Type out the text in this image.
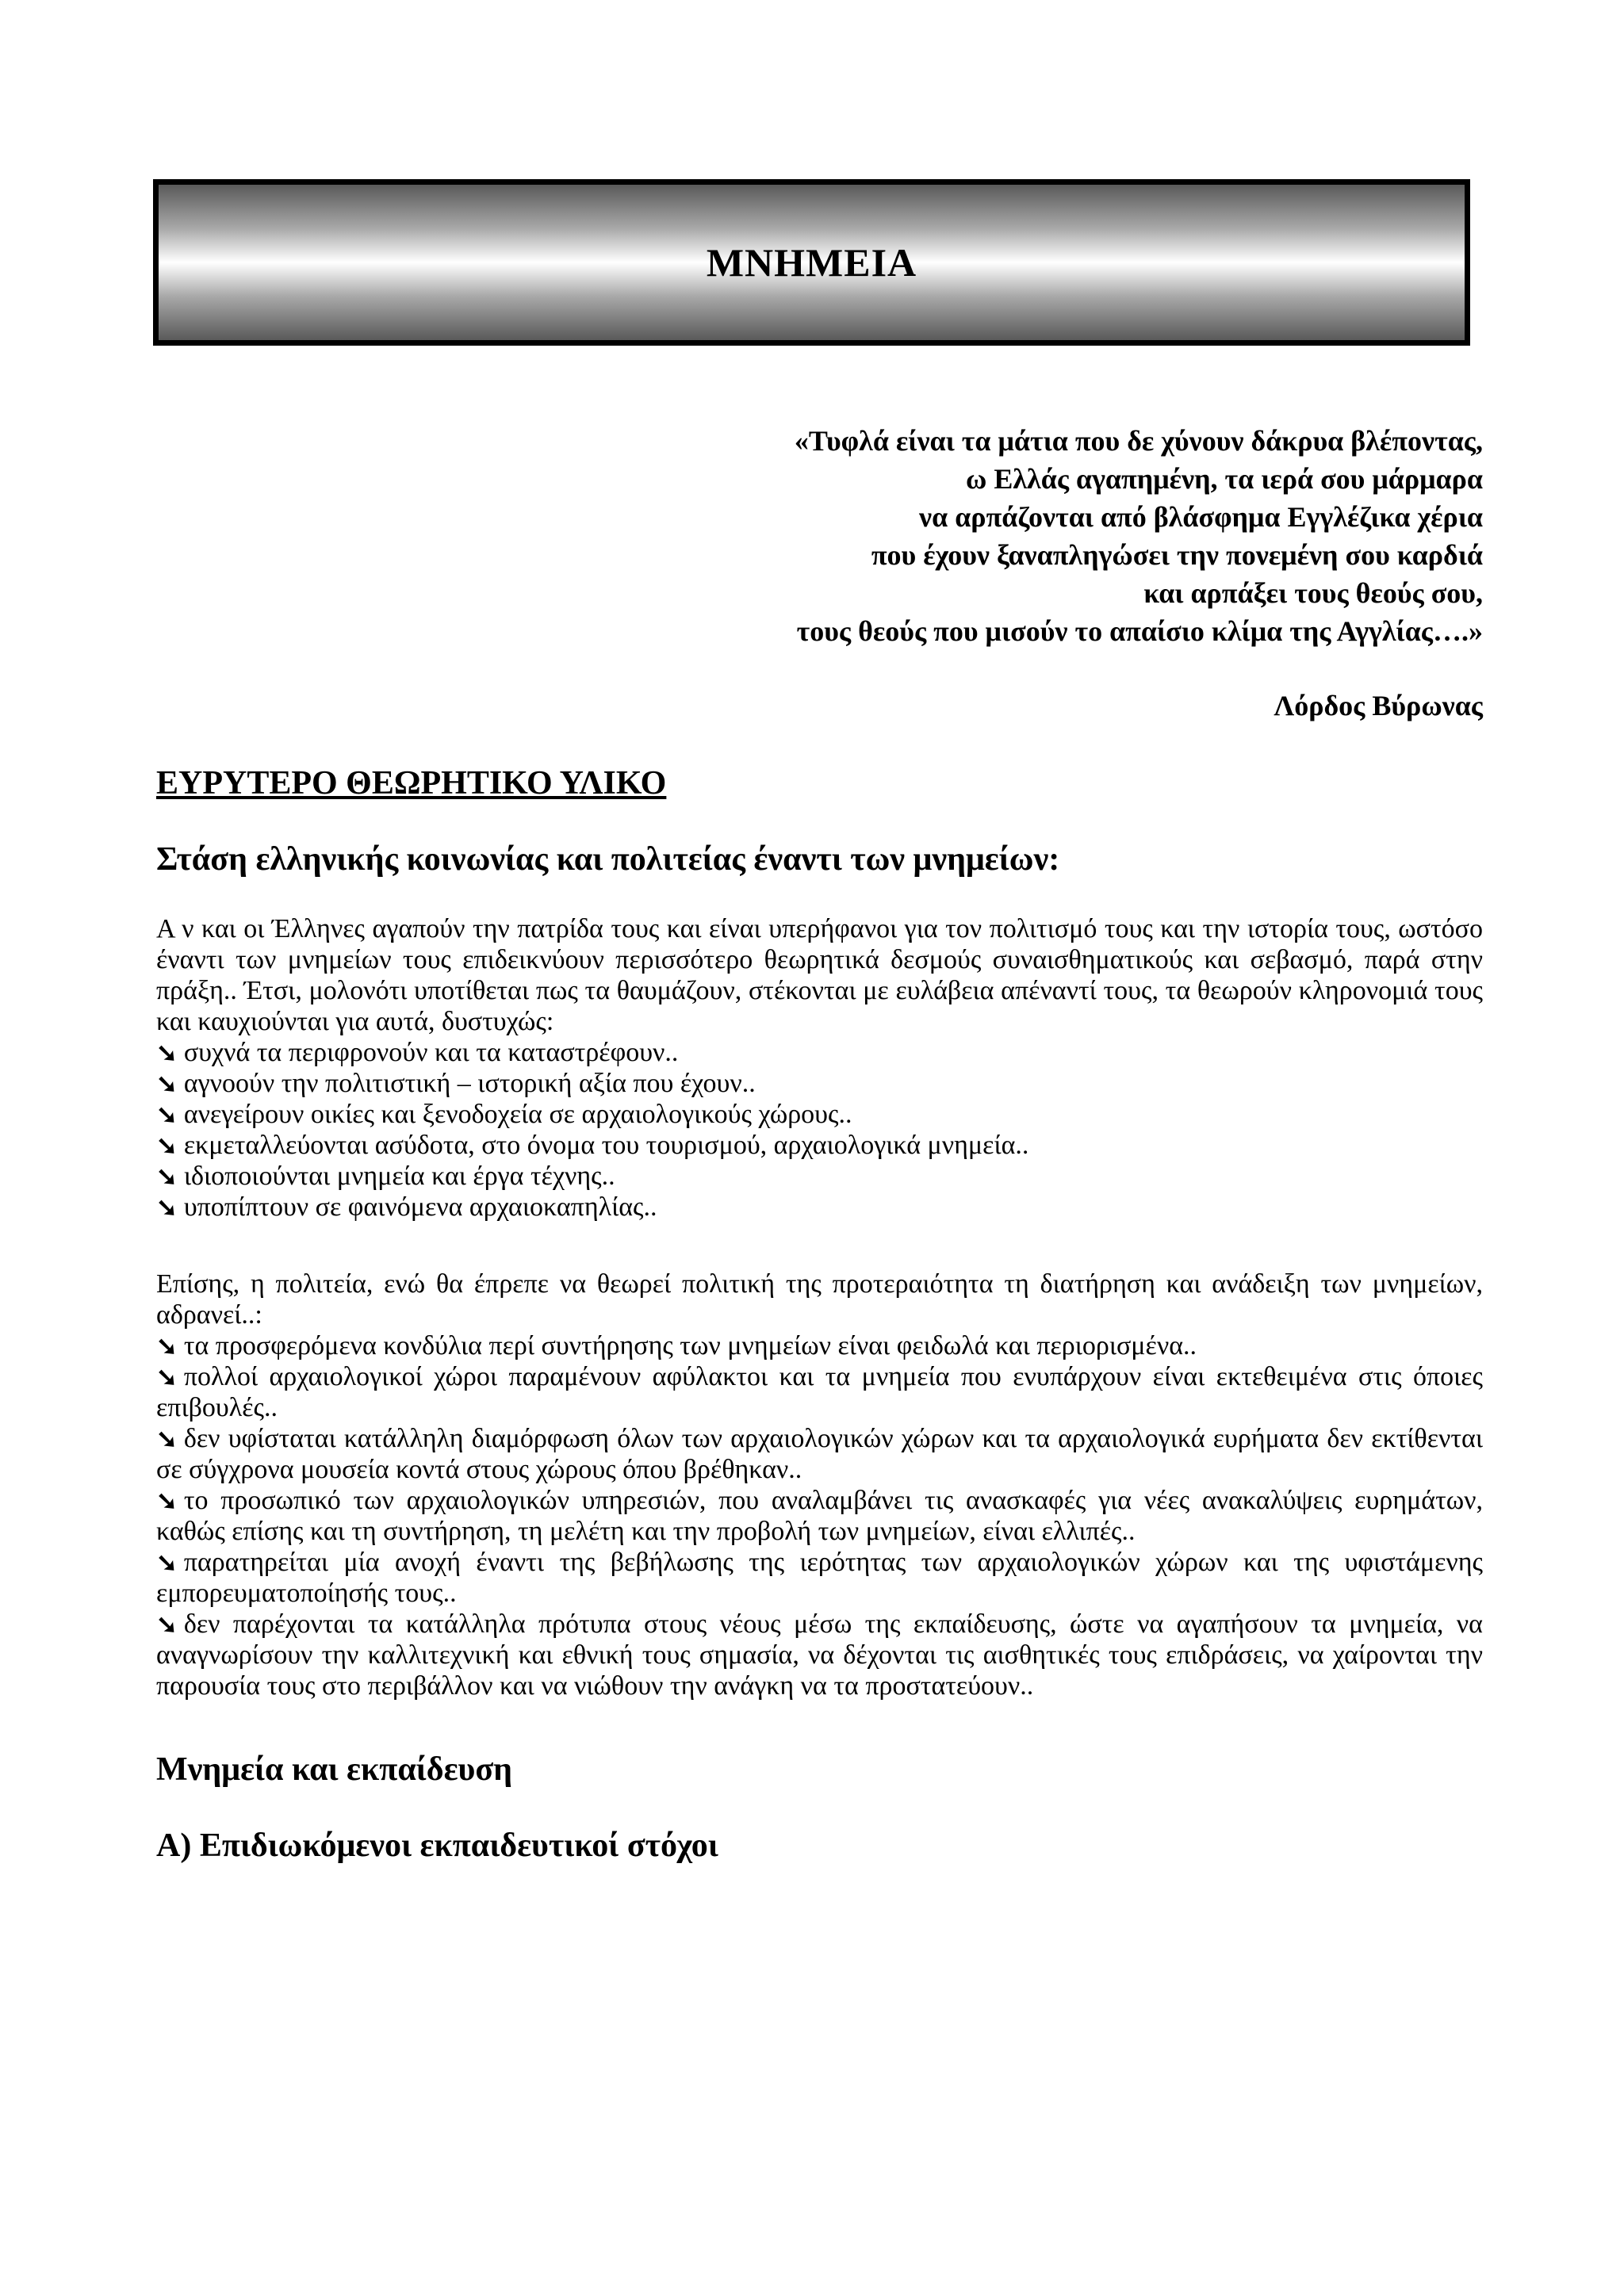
ΜΝΗΜΕΙΑ
«Τυφλά είναι τα μάτια που δε χύνουν δάκρυα βλέποντας,
ω Ελλάς αγαπημένη, τα ιερά σου μάρμαρα
να αρπάζονται από βλάσφημα Εγγλέζικα χέρια
που έχουν ξαναπληγώσει την πονεμένη σου καρδιά
και αρπάξει τους θεούς σου,
τους θεούς που μισούν το απαίσιο κλίμα της Αγγλίας….»
Λόρδος Βύρωνας
ΕΥΡΥΤΕΡΟ ΘΕΩΡΗΤΙΚΟ ΥΛΙΚΟ
Στάση ελληνικής κοινωνίας και πολιτείας έναντι των μνημείων:

Α ν και οι Έλληνες αγαπούν την πατρίδα τους και είναι υπερήφανοι για τον πολιτισμό τους και την ιστορία τους, ωστόσο έναντι των μνημείων τους επιδεικνύουν περισσότερο θεωρητικά δεσμούς συναισθηματικούς και σεβασμό, παρά στην πράξη.. Έτσι, μολονότι υποτίθεται πως τα θαυμάζουν, στέκονται με ευλάβεια απέναντί τους, τα θεωρούν κληρονομιά τους και καυχιούνται για αυτά, δυστυχώς:

➘ συχνά τα περιφρονούν και τα καταστρέφουν..
➘ αγνοούν την πολιτιστική – ιστορική αξία που έχουν..
➘ ανεγείρουν οικίες και ξενοδοχεία σε αρχαιολογικούς χώρους..
➘ εκμεταλλεύονται ασύδοτα, στο όνομα του τουρισμού, αρχαιολογικά μνημεία..
➘ ιδιοποιούνται μνημεία και έργα τέχνης..
➘ υποπίπτουν σε φαινόμενα αρχαιοκαπηλίας..

Επίσης, η πολιτεία, ενώ θα έπρεπε να θεωρεί πολιτική της προτεραιότητα τη διατήρηση και ανάδειξη των μνημείων, αδρανεί..:

➘ τα προσφερόμενα κονδύλια περί συντήρησης των μνημείων είναι φειδωλά και περιορισμένα..
➘ πολλοί αρχαιολογικοί χώροι παραμένουν αφύλακτοι και τα μνημεία που ενυπάρχουν είναι εκτεθειμένα στις όποιες επιβουλές..
➘ δεν υφίσταται κατάλληλη διαμόρφωση όλων των αρχαιολογικών χώρων και τα αρχαιολογικά ευρήματα δεν εκτίθενται σε σύγχρονα μουσεία κοντά στους χώρους όπου βρέθηκαν..
➘ το προσωπικό των αρχαιολογικών υπηρεσιών, που αναλαμβάνει τις ανασκαφές για νέες ανακαλύψεις ευρημάτων, καθώς επίσης και τη συντήρηση, τη μελέτη και την προβολή των μνημείων, είναι ελλιπές..
➘ παρατηρείται μία ανοχή έναντι της βεβήλωσης της ιερότητας των αρχαιολογικών χώρων και της υφιστάμενης εμπορευματοποίησής τους..
➘ δεν παρέχονται τα κατάλληλα πρότυπα στους νέους μέσω της εκπαίδευσης, ώστε να αγαπήσουν τα μνημεία, να αναγνωρίσουν την καλλιτεχνική και εθνική τους σημασία, να δέχονται τις αισθητικές τους επιδράσεις, να χαίρονται την παρουσία τους στο περιβάλλον και να νιώθουν την ανάγκη να τα προστατεύουν..
Μνημεία και εκπαίδευση
Α) Επιδιωκόμενοι εκπαιδευτικοί στόχοι
